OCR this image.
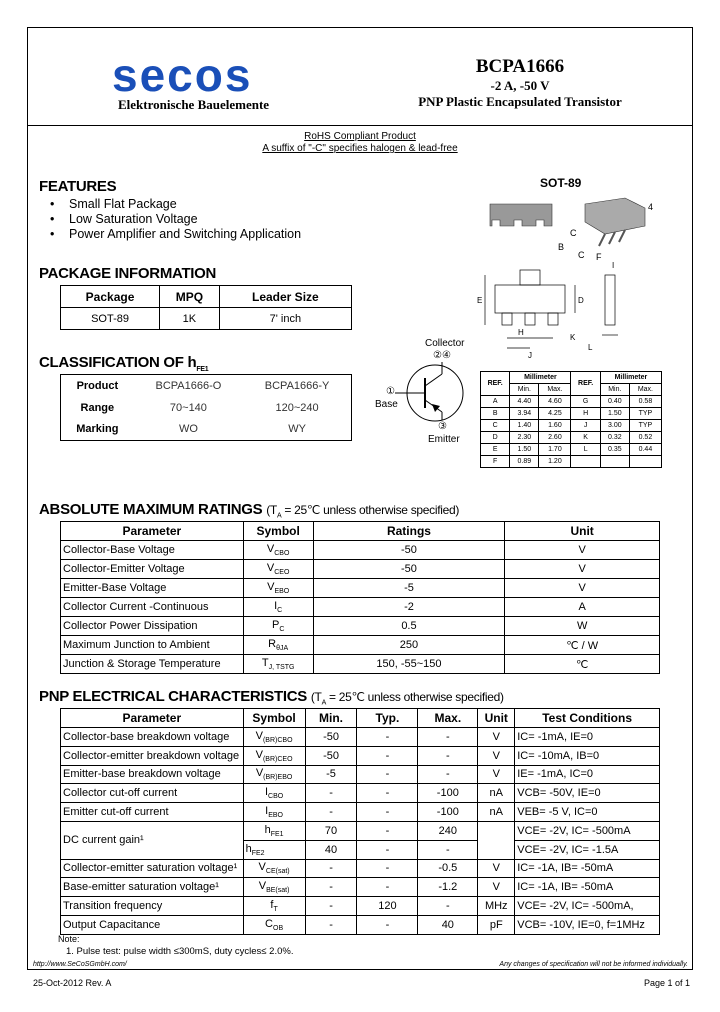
secos
Elektronische Bauelemente
BCPA1666
-2 A, -50 V
PNP Plastic Encapsulated Transistor
RoHS Compliant Product
A suffix of "-C" specifies halogen & lead-free
FEATURES
• Small Flat Package
• Low Saturation Voltage
• Power Amplifier and Switching Application
SOT-89
4
C
B
C F
E	D
H
J
K
L
I
PACKAGE INFORMATION
Package	MPQ	Leader Size
SOT-89	1K	7' inch
CLASSIFICATION OF $h_{FE1}$
Product	BCPA1666-O	BCPA1666-Y
Range	70~140	120~240
Marking	WO	WY
Collector
②④
①
Base
③
Emitter
REF.	Millimeter		REF.	Millimeter	
	Min.	Max.		Min.	Max.
A	4.40	4.60	G	0.40	0.58
B	3.94	4.25	H	1.50	TYP
C	1.40	1.60	J	3.00	TYP
D	2.30	2.60	K	0.32	0.52
E	1.50	1.70	L	0.35	0.44
F	0.89	1.20			
ABSOLUTE MAXIMUM RATINGS ($T_A$ = 25℃ unless otherwise specified)
Parameter	Symbol	Ratings	Unit
Collector-Base Voltage	$V_{CBO}$	-50	V
Collector-Emitter Voltage	$V_{CEO}$	-50	V
Emitter-Base Voltage	$V_{EBO}$	-5	V
Collector Current -Continuous	$I_C$	-2	A
Collector Power Dissipation	$P_C$	0.5	W
Maximum Junction to Ambient	$R_{\theta JA}$	250	℃ / W
Junction & Storage Temperature	$T_{J, TSTG}$	150, -55~150	℃
PNP ELECTRICAL CHARACTERISTICS ($T_A$ = 25℃ unless otherwise specified)
Parameter	Symbol	Min.	Typ.	Max.	Unit	Test Conditions
Collector-base breakdown voltage	$V_{(BR)CBO}$	-50	-	-	V	IC= -1mA, IE=0
Collector-emitter breakdown voltage	$V_{(BR)CEO}$	-50	-	-	V	IC= -10mA, IB=0
Emitter-base breakdown voltage	$V_{(BR)EBO}$	-5	-	-	V	IE= -1mA, IC=0
Collector cut-off current	$I_{CBO}$	-	-	-100	nA	VCB= -50V, IE=0
Emitter cut-off current	$I_{EBO}$	-	-	-100	nA	VEB= -5 V, IC=0
DC current gain¹	$h_{FE1}$	70	-	240		VCE= -2V, IC= -500mA
	$h_{FE2}$	40	-	-		VCE= -2V, IC= -1.5A
Collector-emitter saturation voltage¹	$V_{CE(sat)}$	-	-	-0.5	V	IC= -1A, IB= -50mA
Base-emitter saturation voltage¹	$V_{BE(sat)}$	-	-	-1.2	V	IC= -1A, IB= -50mA
Transition frequency	$f_T$	-	120	-	MHz	VCE= -2V, IC= -500mA,
Output Capacitance	$C_{OB}$	-	-	40	pF	VCB= -10V, IE=0, f=1MHz
Note:
1. Pulse test: pulse width ≤300mS, duty cycles≤ 2.0%.
http://www.SeCoSGmbH.com/	Any changes of specification will not be informed individually.
25-Oct-2012 Rev. A	Page 1 of 1
